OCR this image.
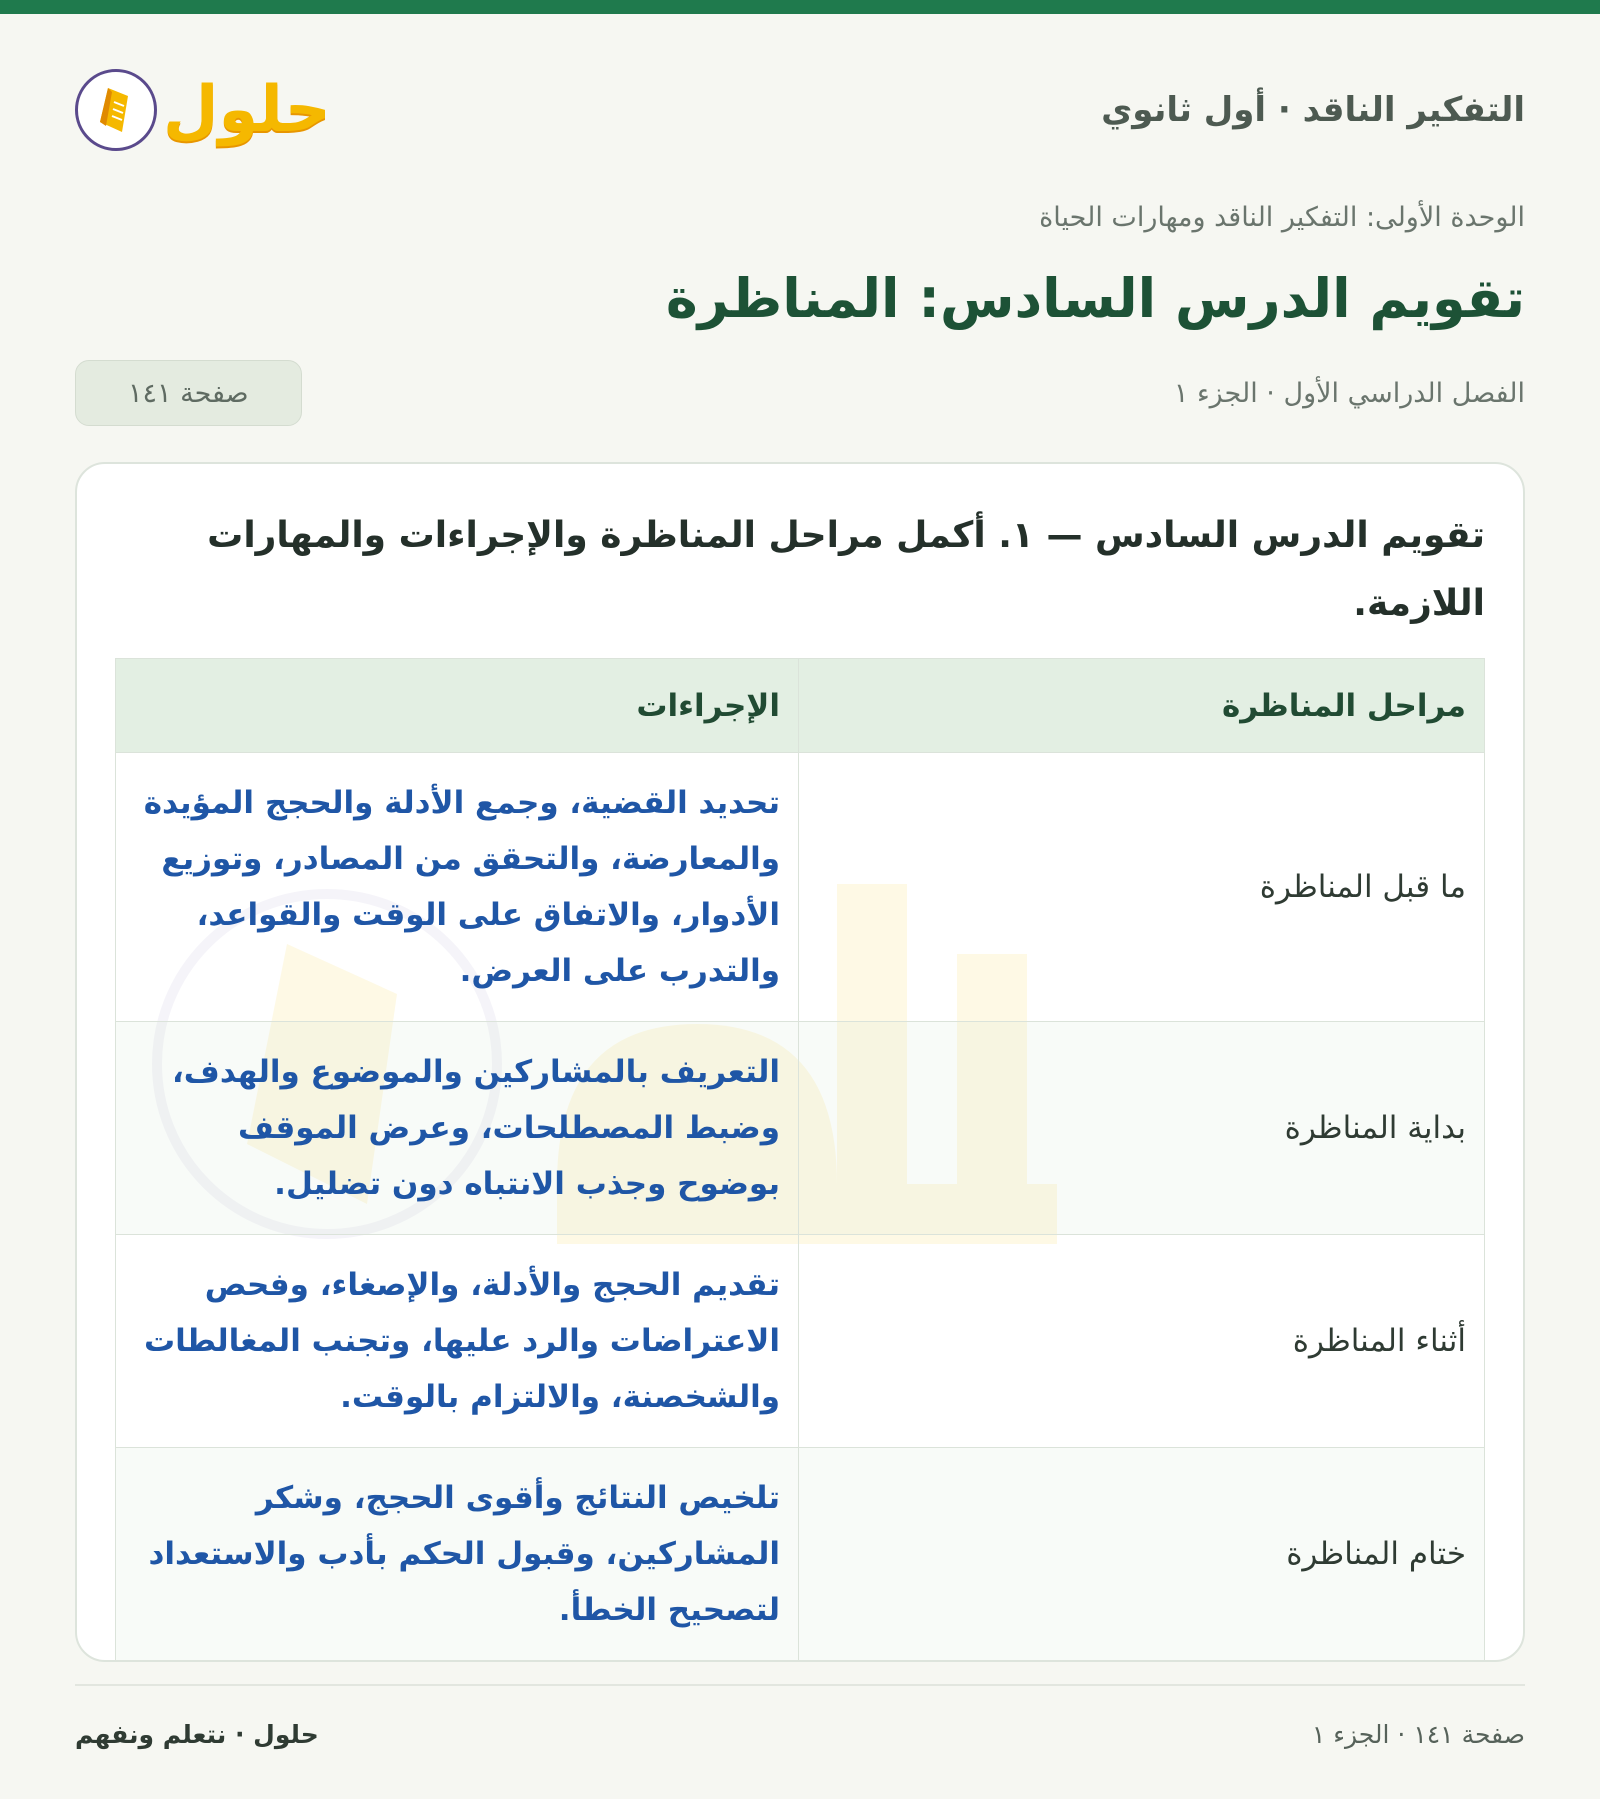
التفكير الناقد · أول ثانوي
حلول
الوحدة الأولى: التفكير الناقد ومهارات الحياة
تقويم الدرس السادس: المناظرة
الفصل الدراسي الأول · الجزء ١
صفحة ١٤١
تقويم الدرس السادس — ١. أكمل مراحل المناظرة والإجراءات والمهارات اللازمة.
مراحل المناظرة	الإجراءات
ما قبل المناظرة	تحديد القضية، وجمع الأدلة والحجج المؤيدة والمعارضة، والتحقق من المصادر، وتوزيع الأدوار، والاتفاق على الوقت والقواعد، والتدرب على العرض.
بداية المناظرة	التعريف بالمشاركين والموضوع والهدف، وضبط المصطلحات، وعرض الموقف بوضوح وجذب الانتباه دون تضليل.
أثناء المناظرة	تقديم الحجج والأدلة، والإصغاء، وفحص الاعتراضات والرد عليها، وتجنب المغالطات والشخصنة، والالتزام بالوقت.
ختام المناظرة	تلخيص النتائج وأقوى الحجج، وشكر المشاركين، وقبول الحكم بأدب والاستعداد لتصحيح الخطأ.
صفحة ١٤١ · الجزء ١
حلول · نتعلم ونفهم
